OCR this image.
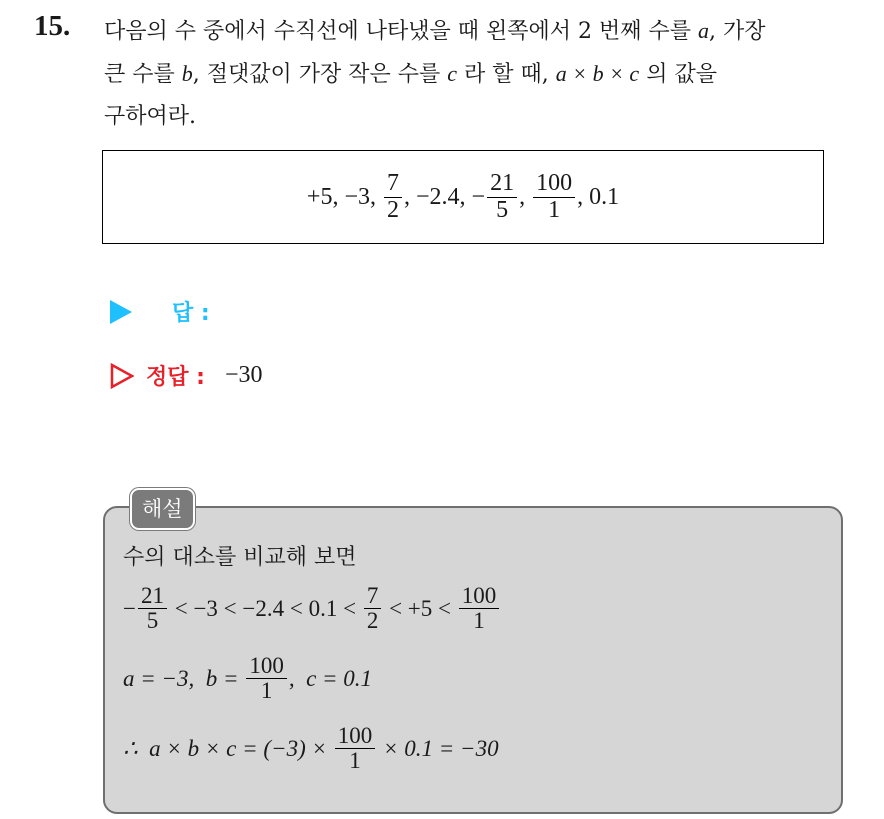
15. 다음의 수 중에서 수직선에 나타냈을 때 왼쪽에서 2 번째 수를 a, 가장
큰 수를 b, 절댓값이 가장 작은 수를 c 라 할 때, a × b × c 의 값을
구하여라.
+5, −3, $\frac{7}{2}$ , −2.4, − $\frac{21}{5}$ , $\frac{100}{1}$ , 0.1
답 :
정답 : −30
해설
수의 대소를 비교해 보면
− $\frac{21}{5} < -3 < -2.4 < 0.1 < \frac{7}{2} < +5 < \frac{100}{1}$
a = −3,  $b = \frac{100}{1}$ ,  c = 0.1
∴  $a \times b \times c = (-3) \times \frac{100}{1} \times 0.1 = -30$
